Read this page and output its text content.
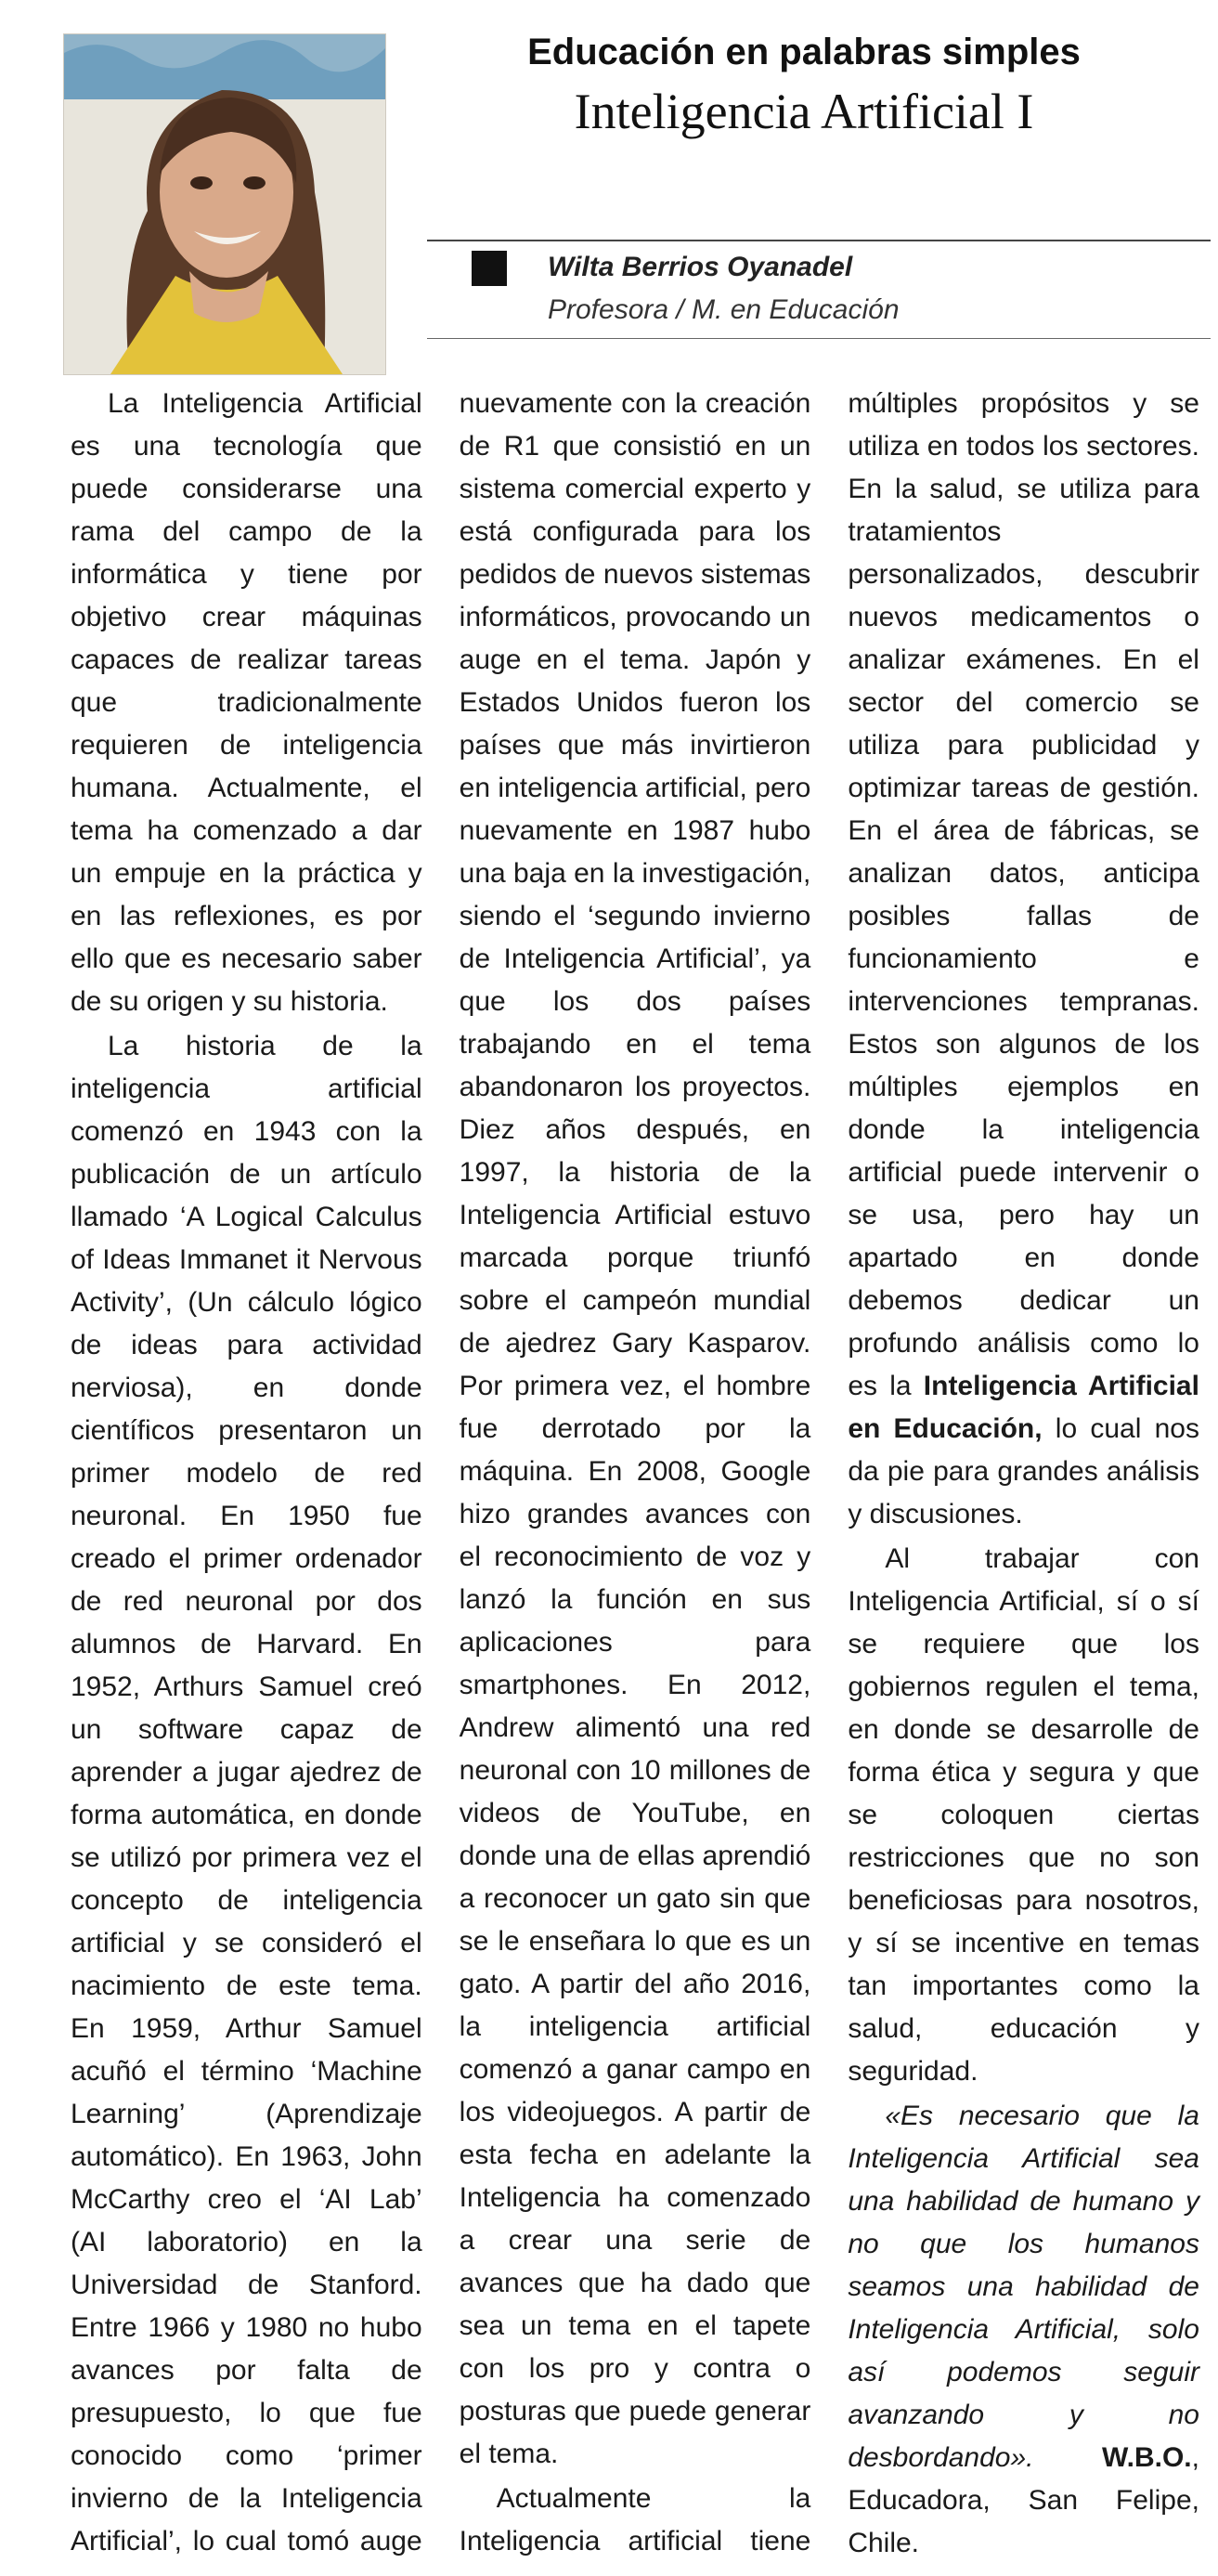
Educación en palabras simples
Inteligencia Artificial I
Wilta Berrios Oyanadel
Profesora / M. en Educación

La Inteligencia Artificial es una tecnología que puede considerarse una rama del campo de la informática y tiene por objetivo crear máquinas capaces de realizar tareas que tradicionalmente requieren de inteligencia humana. Actualmente, el tema ha comenzado a dar un empuje en la práctica y en las reflexiones, es por ello que es necesario saber de su origen y su historia.

La historia de la inteligencia artificial comenzó en 1943 con la publicación de un artículo llamado ‘A Logical Calculus of Ideas Immanet it Nervous Activity’, (Un cálculo lógico de ideas para actividad nerviosa), en donde científicos presentaron un primer modelo de red neuronal. En 1950 fue creado el primer ordenador de red neuronal por dos alumnos de Harvard. En 1952, Arthurs Samuel creó un software capaz de aprender a jugar ajedrez de forma automática, en donde se utilizó por primera vez el concepto de inteligencia artificial y se consideró el nacimiento de este tema. En 1959, Arthur Samuel acuñó el término ‘Machine Learning’ (Aprendizaje automático). En 1963, John McCarthy creo el ‘AI Lab’ (AI laboratorio) en la Universidad de Stanford. Entre 1966 y 1980 no hubo avances por falta de presupuesto, lo que fue conocido como ‘primer invierno de la Inteligencia Artificial’, lo cual tomó auge nuevamente con la creación de R1 que consistió en un sistema comercial experto y está configurada para los pedidos de nuevos sistemas informáticos, provocando un auge en el tema. Japón y Estados Unidos fueron los países que más invirtieron en inteligencia artificial, pero nuevamente en 1987 hubo una baja en la investigación, siendo el ‘segundo invierno de Inteligencia Artificial’, ya que los dos países trabajando en el tema abandonaron los proyectos. Diez años después, en 1997, la historia de la Inteligencia Artificial estuvo marcada porque triunfó sobre el campeón mundial de ajedrez Gary Kasparov. Por primera vez, el hombre fue derrotado por la máquina. En 2008, Google hizo grandes avances con el reconocimiento de voz y lanzó la función en sus aplicaciones para smartphones. En 2012, Andrew alimentó una red neuronal con 10 millones de videos de YouTube, en donde una de ellas aprendió a reconocer un gato sin que se le enseñara lo que es un gato. A partir del año 2016, la inteligencia artificial comenzó a ganar campo en los videojuegos. A partir de esta fecha en adelante la Inteligencia ha comenzado a crear una serie de avances que ha dado que sea un tema en el tapete con los pro y contra o posturas que puede generar el tema.

Actualmente la Inteligencia artificial tiene múltiples propósitos y se utiliza en todos los sectores. En la salud, se utiliza para tratamientos personalizados, descubrir nuevos medicamentos o analizar exámenes. En el sector del comercio se utiliza para publicidad y optimizar tareas de gestión. En el área de fábricas, se analizan datos, anticipa posibles fallas de funcionamiento e intervenciones tempranas. Estos son algunos de los múltiples ejemplos en donde la inteligencia artificial puede intervenir o se usa, pero hay un apartado en donde debemos dedicar un profundo análisis como lo es la Inteligencia Artificial en Educación, lo cual nos da pie para grandes análisis y discusiones.

Al trabajar con Inteligencia Artificial, sí o sí se requiere que los gobiernos regulen el tema, en donde se desarrolle de forma ética y segura y que se coloquen ciertas restricciones que no son beneficiosas para nosotros, y sí se incentive en temas tan importantes como la salud, educación y seguridad.

«Es necesario que la Inteligencia Artificial sea una habilidad de humano y no que los humanos seamos una habilidad de Inteligencia Artificial, solo así podemos seguir avanzando y no desbordando». W.B.O., Educadora, San Felipe, Chile.
